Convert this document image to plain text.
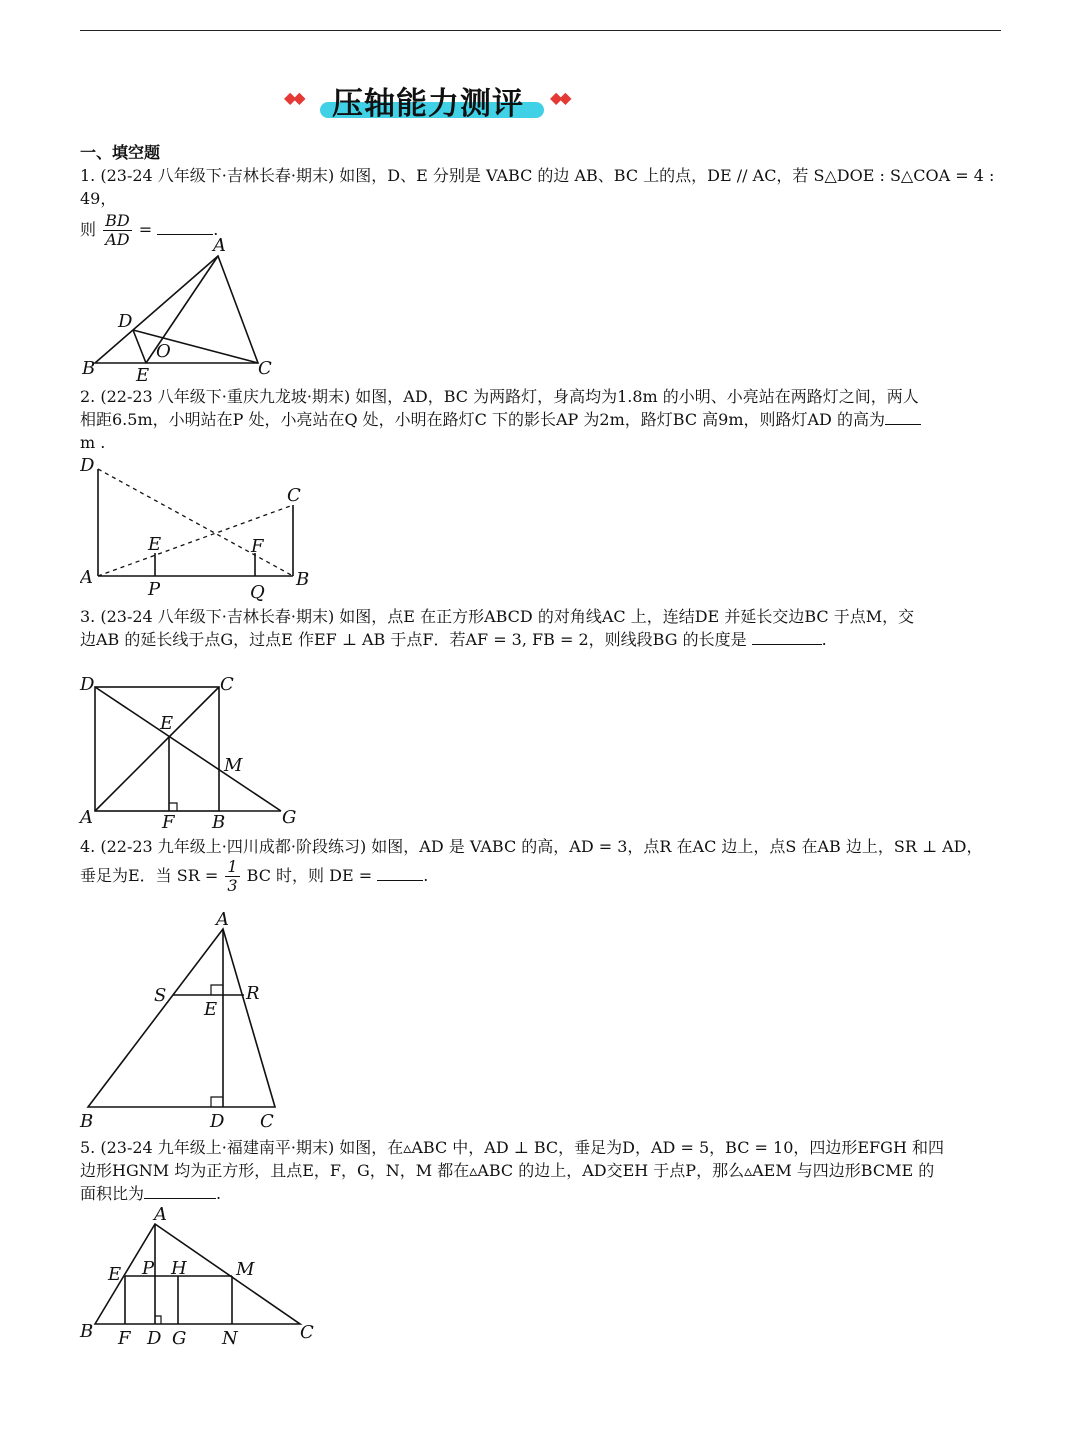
◆◆ 压轴能力测评 ◆◆
一、填空题
1. (23-24 八年级下·吉林长春·期末) 如图，D、E 分别是 VABC 的边 AB、BC 上的点，DE // AC，若 S△DOE : S△COA = 4 : 49，
则 $\frac{BD}{AD}$ =	.
A
B	C
D
E
O
2. (22-23 八年级下·重庆九龙坡·期末) 如图，AD，BC 为两路灯，身高均为1.8m 的小明、小亮站在两路灯之间，两人
相距6.5m，小明站在P 处，小亮站在Q 处，小明在路灯C 下的影长AP 为2m，路灯BC 高9m，则路灯AD 的高为
m .
D
C
A	B
E	F
P	Q
3. (23-24 八年级下·吉林长春·期末) 如图，点E 在正方形ABCD 的对角线AC 上，连结DE 并延长交边BC 于点M，交
边AB 的延长线于点G，过点E 作EF ⊥ AB 于点F．若AF = 3, FB = 2，则线段BG 的长度是	.
D	C
E
M
A	F B	G
4. (22-23 九年级上·四川成都·阶段练习) 如图，AD 是 VABC 的高，AD = 3，点R 在AC 边上，点S 在AB 边上，SR ⊥ AD，
垂足为E．当 SR = $\frac{1}{3}$ BC 时，则 DE =	.
A
S	R
E
B	D C
5. (23-24 九年级上·福建南平·期末) 如图，在▵ABC 中，AD ⊥ BC，垂足为D，AD = 5，BC = 10，四边形EFGH 和四
边形HGNM 均为正方形，且点E，F，G，N，M 都在▵ABC 的边上，AD交EH 于点P，那么▵AEM 与四边形BCME 的
面积比为	.
A
E P H	M
B F D G N	C
